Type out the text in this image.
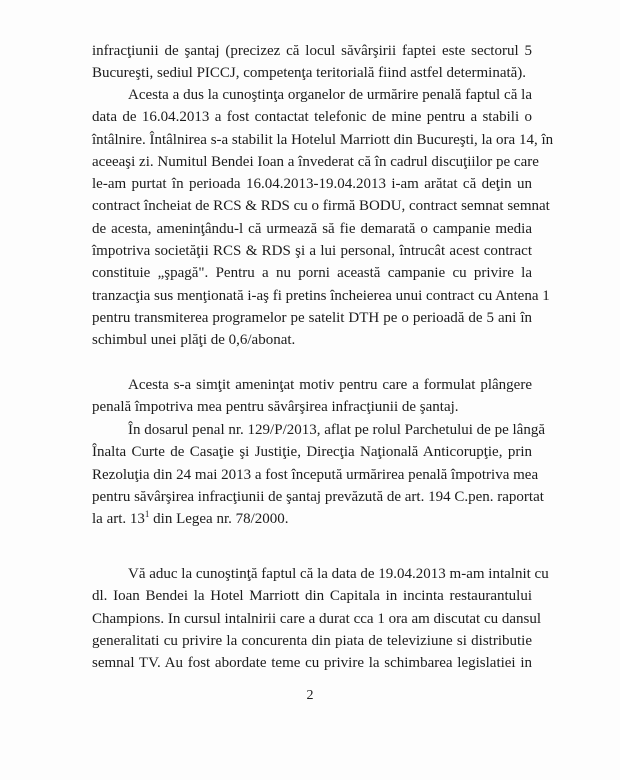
infracţiunii de şantaj (precizez că locul săvârşirii faptei este sectorul 5
Bucureşti, sediul PICCJ, competenţa teritorială fiind astfel determinată).
Acesta a dus la cunoştinţa organelor de urmărire penală faptul că la
data de 16.04.2013 a fost contactat telefonic de mine pentru a stabili o
întâlnire. Întâlnirea s-a stabilit la Hotelul Marriott din Bucureşti, la ora 14, în
aceeaşi zi. Numitul Bendei Ioan a învederat că în cadrul discuţiilor pe care
le-am purtat în perioada 16.04.2013-19.04.2013 i-am arătat că deţin un
contract încheiat de RCS & RDS cu o firmă BODU, contract semnat semnat
de acesta, ameninţându-l că urmează să fie demarată o campanie media
împotriva societăţii RCS & RDS şi a lui personal, întrucât acest contract
constituie „şpagă". Pentru a nu porni această campanie cu privire la
tranzacţia sus menţionată i-aş fi pretins încheierea unui contract cu Antena 1
pentru transmiterea programelor pe satelit DTH pe o perioadă de 5 ani în
schimbul unei plăţi de 0,6/abonat.
Acesta s-a simţit ameninţat motiv pentru care a formulat plângere
penală împotriva mea pentru săvârşirea infracţiunii de şantaj.
În dosarul penal nr. 129/P/2013, aflat pe rolul Parchetului de pe lângă
Înalta Curte de Casaţie şi Justiţie, Direcţia Naţională Anticorupţie, prin
Rezoluţia din 24 mai 2013 a fost începută urmărirea penală împotriva mea
pentru săvârşirea infracţiunii de şantaj prevăzută de art. 194 C.pen. raportat
la art. $13^1$ din Legea nr. 78/2000.
Vă aduc la cunoştinţă faptul că la data de 19.04.2013 m-am intalnit cu
dl. Ioan Bendei la Hotel Marriott din Capitala in incinta restaurantului
Champions. In cursul intalnirii care a durat cca 1 ora am discutat cu dansul
generalitati cu privire la concurenta din piata de televiziune si distributie
semnal TV. Au fost abordate teme cu privire la schimbarea legislatiei in
2
